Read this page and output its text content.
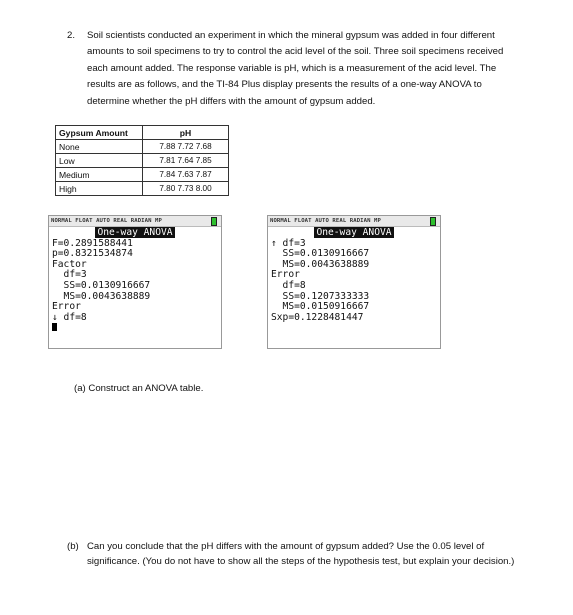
2. Soil scientists conducted an experiment in which the mineral gypsum was added in four different amounts to soil specimens to try to control the acid level of the soil. Three soil specimens received each amount added. The response variable is pH, which is a measurement of the acid level. The results are as follows, and the TI-84 Plus display presents the results of a one-way ANOVA to determine whether the pH differs with the amount of gypsum added.
Gypsum Amount	pH
None	7.88 7.72 7.68
Low	7.81 7.64 7.85
Medium	7.84 7.63 7.87
High	7.80 7.73 8.00
NORMAL FLOAT AUTO REAL RADIAN MP
One-way ANOVA
F=0.2891588441
p=0.8321534874
Factor
df=3
SS=0.0130916667
MS=0.0043638889
Error
↓ df=8
NORMAL FLOAT AUTO REAL RADIAN MP
One-way ANOVA
↑ df=3
SS=0.0130916667
MS=0.0043638889
Error
df=8
SS=0.1207333333
MS=0.0150916667
Sxp=0.1228481447
(a) Construct an ANOVA table.
(b) Can you conclude that the pH differs with the amount of gypsum added? Use the 0.05 level of significance. (You do not have to show all the steps of the hypothesis test, but explain your decision.)
